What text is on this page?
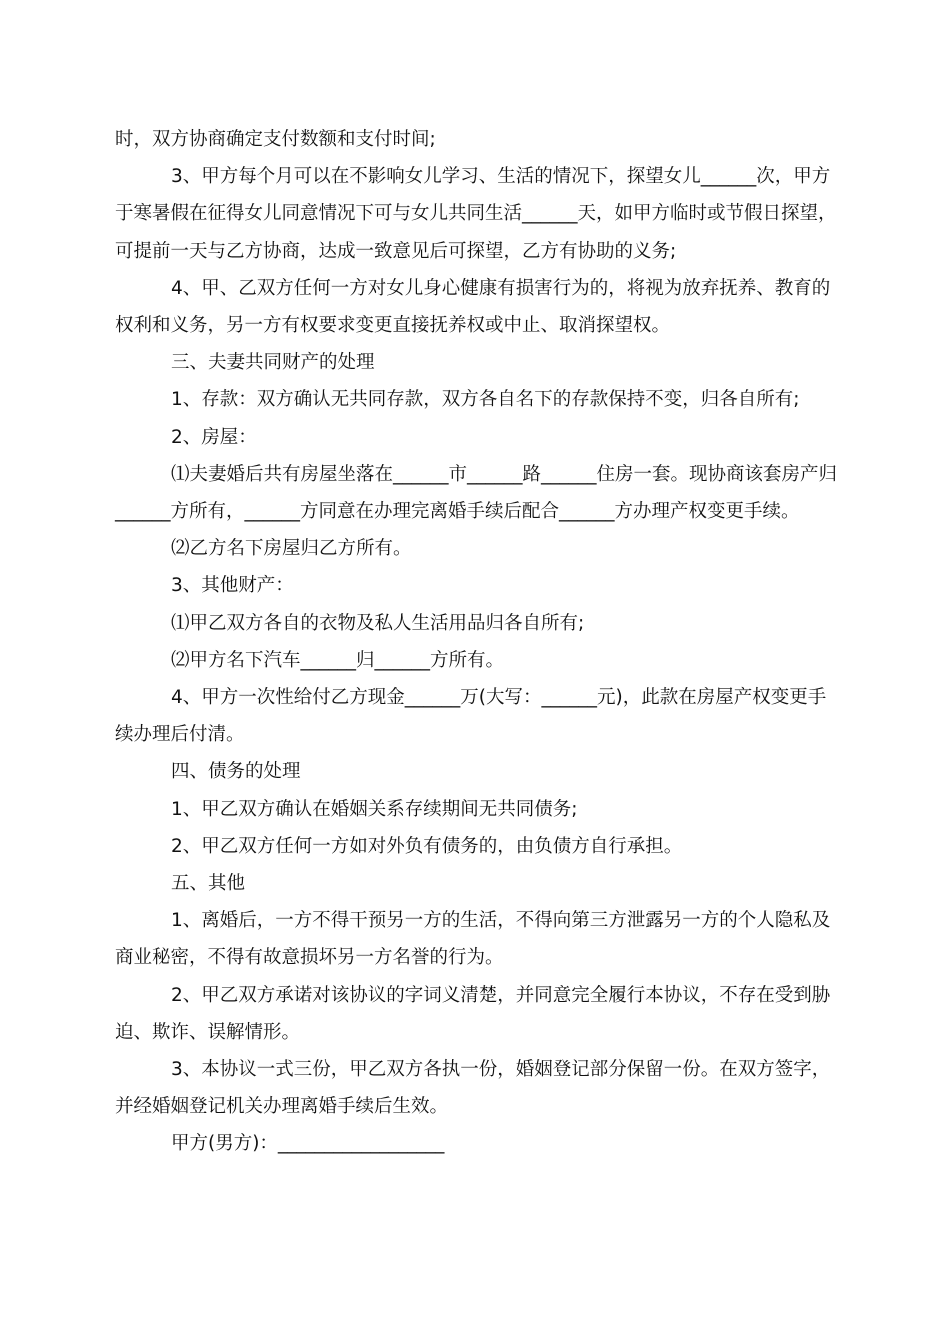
时，双方协商确定支付数额和支付时间;

3、甲方每个月可以在不影响女儿学习、生活的情况下，探望女儿______次，甲方于寒暑假在征得女儿同意情况下可与女儿共同生活______天，如甲方临时或节假日探望，可提前一天与乙方协商，达成一致意见后可探望，乙方有协助的义务;

4、甲、乙双方任何一方对女儿身心健康有损害行为的，将视为放弃抚养、教育的权利和义务，另一方有权要求变更直接抚养权或中止、取消探望权。

三、夫妻共同财产的处理

1、存款：双方确认无共同存款，双方各自名下的存款保持不变，归各自所有;

2、房屋：

⑴夫妻婚后共有房屋坐落在______市______路______住房一套。现协商该套房产归______方所有，______方同意在办理完离婚手续后配合______方办理产权变更手续。

⑵乙方名下房屋归乙方所有。

3、其他财产：

⑴甲乙双方各自的衣物及私人生活用品归各自所有;

⑵甲方名下汽车______归______方所有。

4、甲方一次性给付乙方现金______万(大写：______元)，此款在房屋产权变更手续办理后付清。

四、债务的处理

1、甲乙双方确认在婚姻关系存续期间无共同债务;

2、甲乙双方任何一方如对外负有债务的，由负债方自行承担。

五、其他

1、离婚后，一方不得干预另一方的生活，不得向第三方泄露另一方的个人隐私及商业秘密，不得有故意损坏另一方名誉的行为。

2、甲乙双方承诺对该协议的字词义清楚，并同意完全履行本协议，不存在受到胁迫、欺诈、误解情形。

3、本协议一式三份，甲乙双方各执一份，婚姻登记部分保留一份。在双方签字，并经婚姻登记机关办理离婚手续后生效。

甲方(男方)：__________________
